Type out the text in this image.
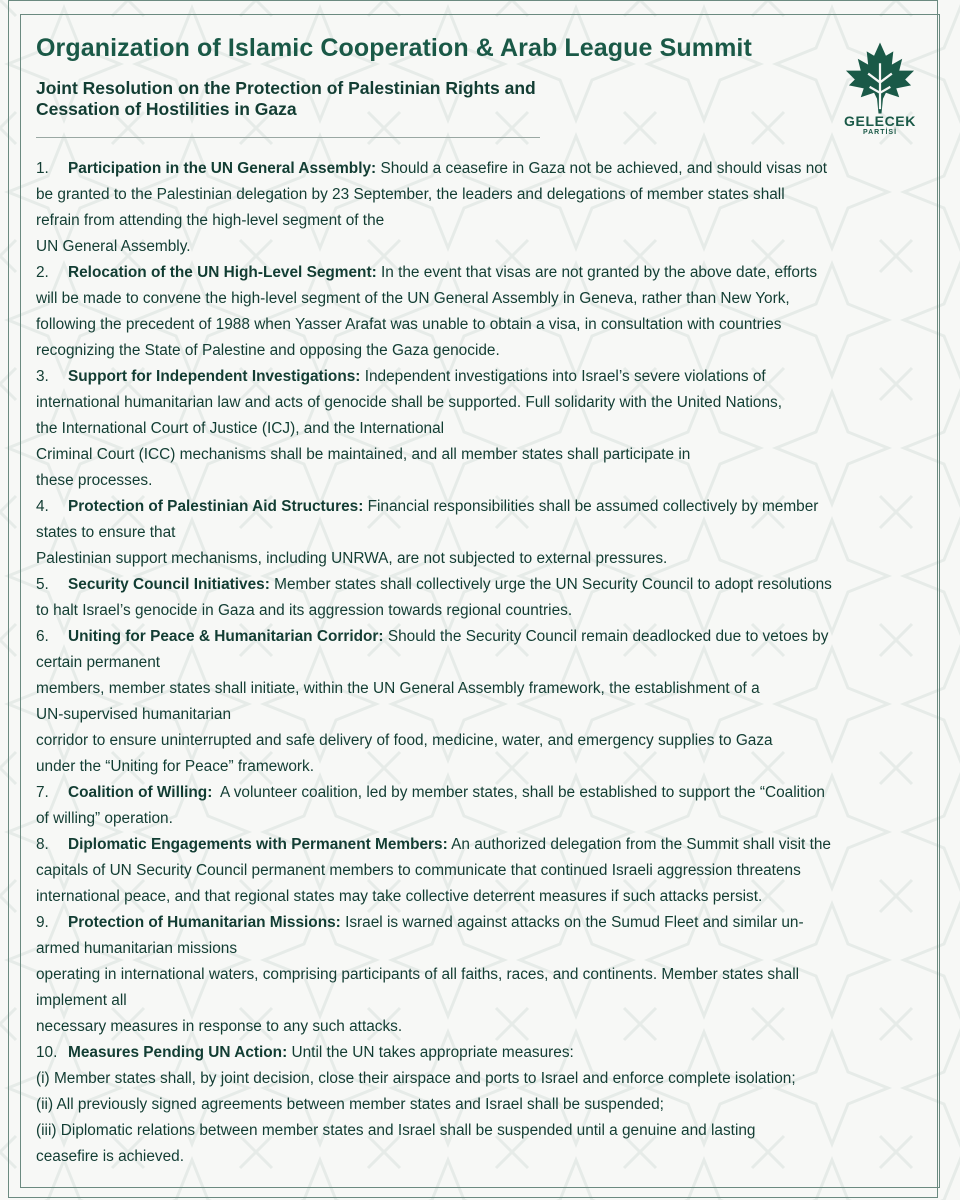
Organization of Islamic Cooperation & Arab League Summit
Joint Resolution on the Protection of Palestinian Rights and
Cessation of Hostilities in Gaza
GELECEK
PARTİSİ
1. Participation in the UN General Assembly: Should a ceasefire in Gaza not be achieved, and should visas not
be granted to the Palestinian delegation by 23 September, the leaders and delegations of member states shall
refrain from attending the high-level segment of the
UN General Assembly.
2. Relocation of the UN High-Level Segment: In the event that visas are not granted by the above date, efforts
will be made to convene the high-level segment of the UN General Assembly in Geneva, rather than New York,
following the precedent of 1988 when Yasser Arafat was unable to obtain a visa, in consultation with countries
recognizing the State of Palestine and opposing the Gaza genocide.
3. Support for Independent Investigations: Independent investigations into Israel’s severe violations of
international humanitarian law and acts of genocide shall be supported. Full solidarity with the United Nations,
the International Court of Justice (ICJ), and the International
Criminal Court (ICC) mechanisms shall be maintained, and all member states shall participate in
these processes.
4. Protection of Palestinian Aid Structures: Financial responsibilities shall be assumed collectively by member
states to ensure that
Palestinian support mechanisms, including UNRWA, are not subjected to external pressures.
5. Security Council Initiatives: Member states shall collectively urge the UN Security Council to adopt resolutions
to halt Israel’s genocide in Gaza and its aggression towards regional countries.
6. Uniting for Peace & Humanitarian Corridor: Should the Security Council remain deadlocked due to vetoes by
certain permanent
members, member states shall initiate, within the UN General Assembly framework, the establishment of a
UN-supervised humanitarian
corridor to ensure uninterrupted and safe delivery of food, medicine, water, and emergency supplies to Gaza
under the “Uniting for Peace” framework.
7. Coalition of Willing:  A volunteer coalition, led by member states, shall be established to support the “Coalition
of willing” operation.
8. Diplomatic Engagements with Permanent Members: An authorized delegation from the Summit shall visit the
capitals of UN Security Council permanent members to communicate that continued Israeli aggression threatens
international peace, and that regional states may take collective deterrent measures if such attacks persist.
9. Protection of Humanitarian Missions: Israel is warned against attacks on the Sumud Fleet and similar un-
armed humanitarian missions
operating in international waters, comprising participants of all faiths, races, and continents. Member states shall
implement all
necessary measures in response to any such attacks.
10. Measures Pending UN Action: Until the UN takes appropriate measures:
(i) Member states shall, by joint decision, close their airspace and ports to Israel and enforce complete isolation;
(ii) All previously signed agreements between member states and Israel shall be suspended;
(iii) Diplomatic relations between member states and Israel shall be suspended until a genuine and lasting
ceasefire is achieved.
